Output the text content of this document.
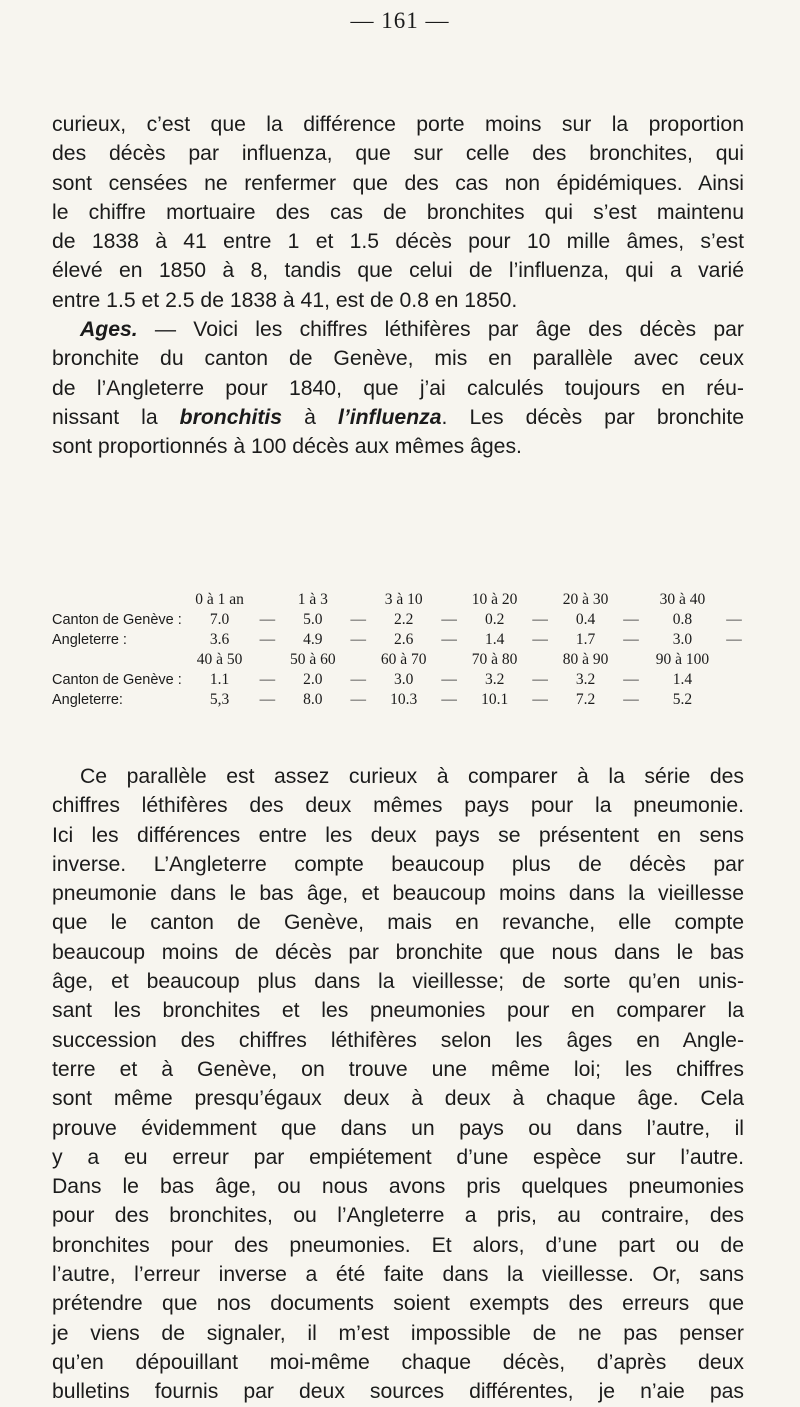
— 161 —
curieux, c’est que la différence porte moins sur la proportion
des décès par influenza, que sur celle des bronchites, qui
sont censées ne renfermer que des cas non épidémiques. Ainsi
le chiffre mortuaire des cas de bronchites qui s’est maintenu
de 1838 à 41 entre 1 et 1.5 décès pour 10 mille âmes, s’est
élevé en 1850 à 8, tandis que celui de l’influenza, qui a varié
entre 1.5 et 2.5 de 1838 à 41, est de 0.8 en 1850.
Ages. — Voici les chiffres léthifères par âge des décès par
bronchite du canton de Genève, mis en parallèle avec ceux
de l’Angleterre pour 1840, que j’ai calculés toujours en réu-
nissant la bronchitis à l’influenza. Les décès par bronchite
sont proportionnés à 100 décès aux mêmes âges.
	0 à 1 an		1 à 3		3 à 10		10 à 20		20 à 30		30 à 40	
Canton de Genève :	7.0	—	5.0	—	2.2	—	0.2	—	0.4	—	0.8	—
Angleterre :	3.6	—	4.9	—	2.6	—	1.4	—	1.7	—	3.0	—
	40 à 50		50 à 60		60 à 70		70 à 80		80 à 90		90 à 100	
Canton de Genève :	1.1	—	2.0	—	3.0	—	3.2	—	3.2	—	1.4	
Angleterre:	5,3	—	8.0	—	10.3	—	10.1	—	7.2	—	5.2	
Ce parallèle est assez curieux à comparer à la série des
chiffres léthifères des deux mêmes pays pour la pneumonie.
Ici les différences entre les deux pays se présentent en sens
inverse. L’Angleterre compte beaucoup plus de décès par
pneumonie dans le bas âge, et beaucoup moins dans la vieillesse
que le canton de Genève, mais en revanche, elle compte
beaucoup moins de décès par bronchite que nous dans le bas
âge, et beaucoup plus dans la vieillesse; de sorte qu’en unis-
sant les bronchites et les pneumonies pour en comparer la
succession des chiffres léthifères selon les âges en Angle-
terre et à Genève, on trouve une même loi; les chiffres
sont même presqu’égaux deux à deux à chaque âge. Cela
prouve évidemment que dans un pays ou dans l’autre, il
y a eu erreur par empiétement d’une espèce sur l’autre.
Dans le bas âge, ou nous avons pris quelques pneumonies
pour des bronchites, ou l’Angleterre a pris, au contraire, des
bronchites pour des pneumonies. Et alors, d’une part ou de
l’autre, l’erreur inverse a été faite dans la vieillesse. Or, sans
prétendre que nos documents soient exempts des erreurs que
je viens de signaler, il m’est impossible de ne pas penser
qu’en dépouillant moi-même chaque décès, d’après deux
bulletins fournis par deux sources différentes, je n’aie pas
